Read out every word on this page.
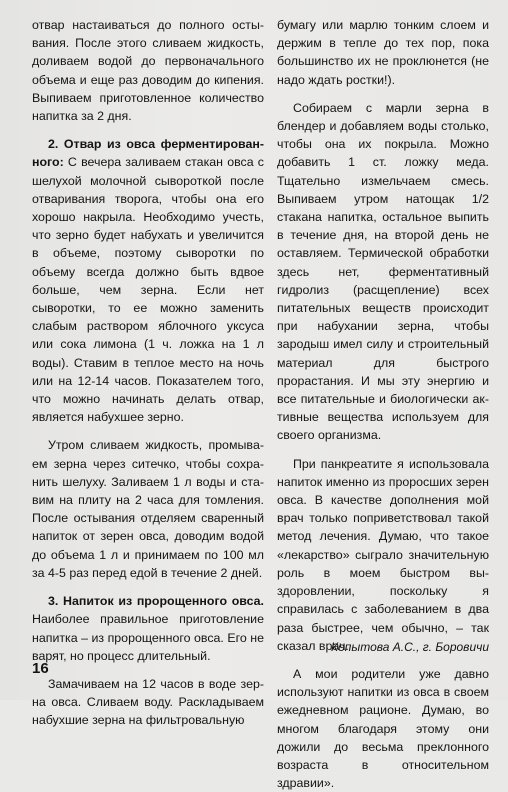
отвар настаиваться до полного остывания. После этого сливаем жидкость, доливаем водой до первоначального объема и еще раз доводим до кипения. Выпиваем приготовленное количество напитка за 2 дня.

2. Отвар из овса ферментированного: С вечера заливаем стакан овса с шелухой молочной сывороткой после отваривания творога, чтобы она его хорошо накрыла. Необходимо учесть, что зерно будет набухать и увеличится в объеме, поэтому сыворотки по объему всегда должно быть вдвое больше, чем зерна. Если нет сыворотки, то ее можно заменить слабым раствором яблочного уксуса или сока лимона (1 ч. ложка на 1 л воды). Ставим в теплое место на ночь или на 12-14 часов. Показателем того, что можно начинать делать отвар, является набухшее зерно.

Утром сливаем жидкость, промывaем зерна через ситечко, чтобы сохранить шелуху. Заливаем 1 л воды и ставим на плиту на 2 часа для томления. После остывания отделяем сваренный напиток от зерен овса, доводим водой до объема 1 л и принимаем по 100 мл за 4-5 раз перед едой в течение 2 дней.

3. Напиток из пророщенного овса. Наиболее правильное приготовление напитка – из пророщенного овса. Его не варят, но процесс длительный.

Замачиваем на 12 часов в воде зерна овса. Сливаем воду. Раскладываем набухшие зерна на фильтровальную

бумагу или марлю тонким слоем и держим в тепле до тех пор, пока большинство их не проклюнется (не надо ждать ростки!).

Собираем с марли зерна в блендер и добавляем воды столько, чтобы она их покрыла. Можно добавить 1 ст. ложку меда. Тщательно измельчаем смесь. Выпиваем утром натощак 1/2 стакана напитка, остальное выпить в течение дня, на второй день не оставляем. Термической обработки здесь нет, ферментативный гидролиз (расщепление) всех питательных веществ происходит при набухании зерна, чтобы зародыш имел силу и строительный материал для быстрого прорастания. И мы эту энергию и все питательные и биологически активные вещества используем для своего организма.

При панкреатите я использовала напиток именно из проросших зерен овса. В качестве дополнения мой врач только поприветствовал такой метод лечения. Думаю, что такое «лекарство» сыграло значительную роль в моем быстром выздоровлении, поскольку я справилась с заболеванием в два раза быстрее, чем обычно, – так сказал врач.

А мои родители уже давно используют напитки из овса в своем ежедневном рационе. Думаю, во многом благодаря этому они дожили до весьма преклонного возраста в относительном здравии».

Копытова А.С., г. Боровичи
16
